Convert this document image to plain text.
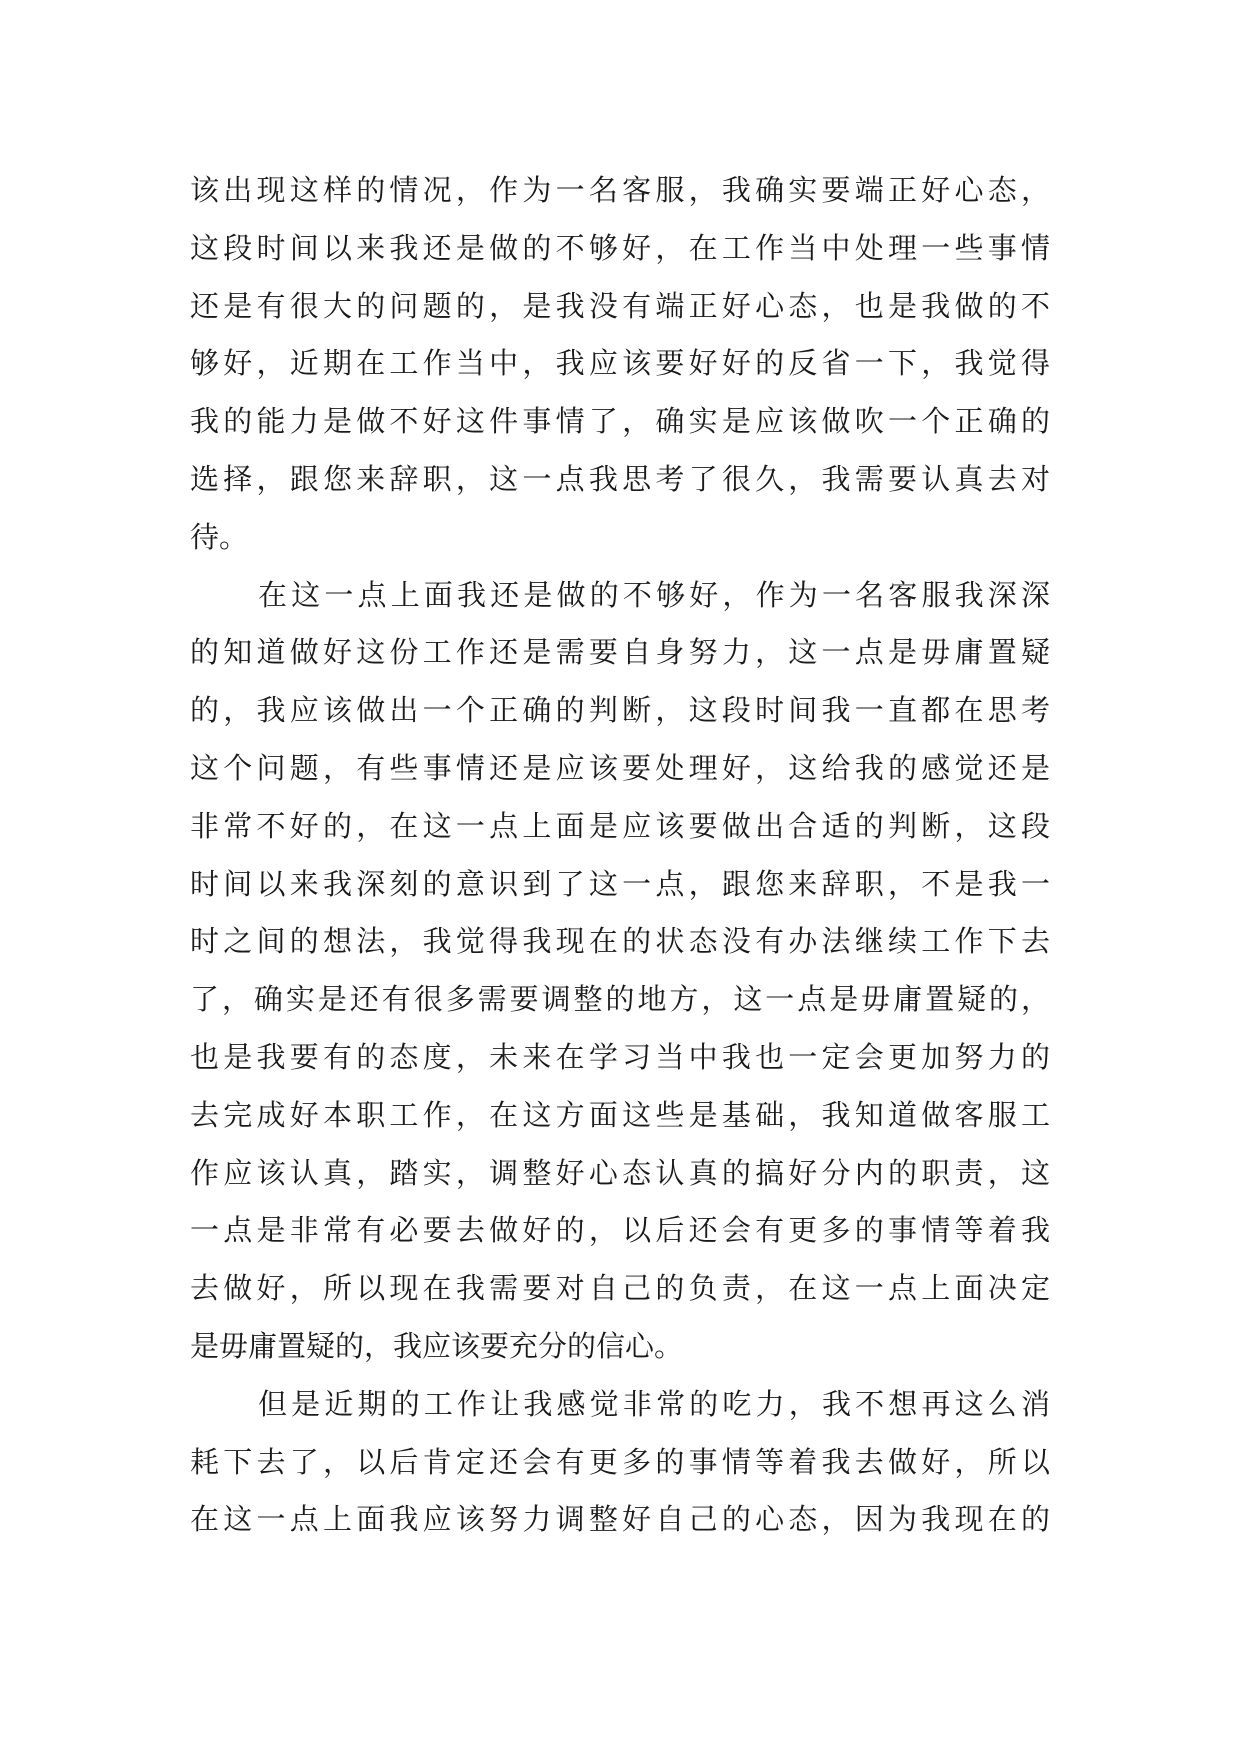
该出现这样的情况，作为一名客服，我确实要端正好心态，
这段时间以来我还是做的不够好，在工作当中处理一些事情
还是有很大的问题的，是我没有端正好心态，也是我做的不
够好，近期在工作当中，我应该要好好的反省一下，我觉得
我的能力是做不好这件事情了，确实是应该做吹一个正确的
选择，跟您来辞职，这一点我思考了很久，我需要认真去对
待。
在这一点上面我还是做的不够好，作为一名客服我深深
的知道做好这份工作还是需要自身努力，这一点是毋庸置疑
的，我应该做出一个正确的判断，这段时间我一直都在思考
这个问题，有些事情还是应该要处理好，这给我的感觉还是
非常不好的，在这一点上面是应该要做出合适的判断，这段
时间以来我深刻的意识到了这一点，跟您来辞职，不是我一
时之间的想法，我觉得我现在的状态没有办法继续工作下去
了，确实是还有很多需要调整的地方，这一点是毋庸置疑的，
也是我要有的态度，未来在学习当中我也一定会更加努力的
去完成好本职工作，在这方面这些是基础，我知道做客服工
作应该认真，踏实，调整好心态认真的搞好分内的职责，这
一点是非常有必要去做好的，以后还会有更多的事情等着我
去做好，所以现在我需要对自己的负责，在这一点上面决定
是毋庸置疑的，我应该要充分的信心。
但是近期的工作让我感觉非常的吃力，我不想再这么消
耗下去了，以后肯定还会有更多的事情等着我去做好，所以
在这一点上面我应该努力调整好自己的心态，因为我现在的
